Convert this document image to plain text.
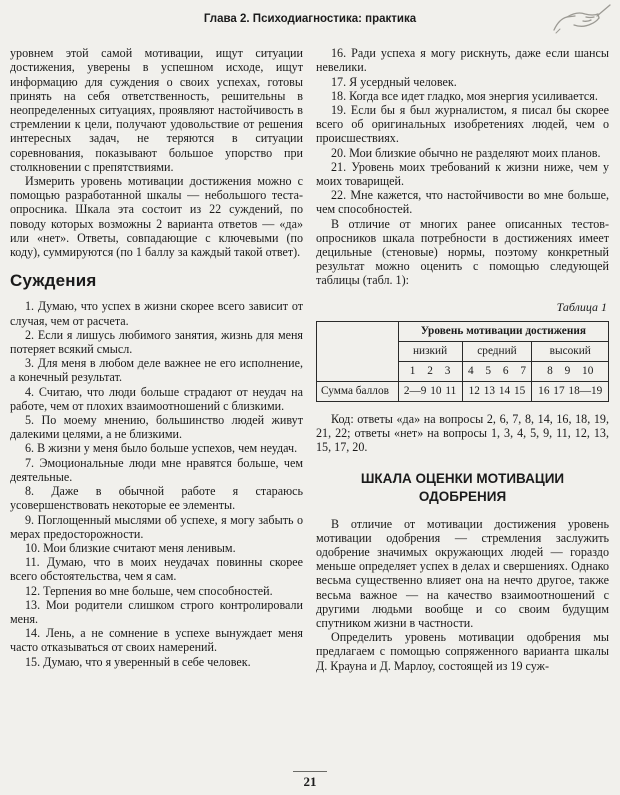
Глава 2. Психодиагностика: практика

уровнем этой самой мотивации, ищут ситуации достижения, уверены в успешном исходе, ищут информацию для суждения о своих успехах, готовы принять на себя ответственность, решительны в неопределенных ситуациях, проявляют настойчивость в стремлении к цели, получают удовольствие от решения интересных задач, не теряются в ситуации соревнования, показывают большое упорство при столкновении с препятствиями.

Измерить уровень мотивации достижения можно с помощью разработанной шкалы — небольшого теста-опросника. Шкала эта состоит из 22 суждений, по поводу которых возможны 2 варианта ответов — «да» или «нет». Ответы, совпадающие с ключевыми (по коду), суммируются (по 1 баллу за каждый такой ответ).

Суждения

1. Думаю, что успех в жизни скорее всего зависит от случая, чем от расчета.

2. Если я лишусь любимого занятия, жизнь для меня потеряет всякий смысл.

3. Для меня в любом деле важнее не его исполнение, а конечный результат.

4. Считаю, что люди больше страдают от неудач на работе, чем от плохих взаимоотношений с близкими.

5. По моему мнению, большинство людей живут далекими целями, а не близкими.

6. В жизни у меня было больше успехов, чем неудач.

7. Эмоциональные люди мне нравятся больше, чем деятельные.

8. Даже в обычной работе я стараюсь усовершенствовать некоторые ее элементы.

9. Поглощенный мыслями об успехе, я могу забыть о мерах предосторожности.

10. Мои близкие считают меня ленивым.

11. Думаю, что в моих неудачах повинны скорее всего обстоятельства, чем я сам.

12. Терпения во мне больше, чем способностей.

13. Мои родители слишком строго контролировали меня.

14. Лень, а не сомнение в успехе вынуждает меня часто отказываться от своих намерений.

15. Думаю, что я уверенный в себе человек.

16. Ради успеха я могу рискнуть, даже если шансы невелики.

17. Я усердный человек.

18. Когда все идет гладко, моя энергия усиливается.

19. Если бы я был журналистом, я писал бы скорее всего об оригинальных изобретениях людей, чем о происшествиях.

20. Мои близкие обычно не разделяют моих планов.

21. Уровень моих требований к жизни ниже, чем у моих товарищей.

22. Мне кажется, что настойчивости во мне больше, чем способностей.

В отличие от многих ранее описанных тестов-опросников шкала потребности в достижениях имеет децильные (стеновые) нормы, поэтому конкретный результат можно оценить с помощью следующей таблицы (табл. 1):

Таблица 1
	Уровень мотивации достижения		
	низкий	средний	высокий
	1 2 3	4 5 6 7	8 9 10
Сумма баллов	2—9 10 11	12 13 14 15	16 17 18—19

Код: ответы «да» на вопросы 2, 6, 7, 8, 14, 16, 18, 19, 21, 22; ответы «нет» на вопросы 1, 3, 4, 5, 9, 11, 12, 13, 15, 17, 20.

ШКАЛА ОЦЕНКИ МОТИВАЦИИ ОДОБРЕНИЯ

В отличие от мотивации достижения уровень мотивации одобрения — стремления заслужить одобрение значимых окружающих людей — гораздо меньше определяет успех в делах и свершениях. Однако весьма существенно влияет она на нечто другое, также весьма важное — на качество взаимоотношений с другими людьми вообще и со своим будущим спутником жизни в частности.

Определить уровень мотивации одобрения мы предлагаем с помощью сопряженного варианта шкалы Д. Крауна и Д. Марлоу, состоящей из 19 суж-

21
